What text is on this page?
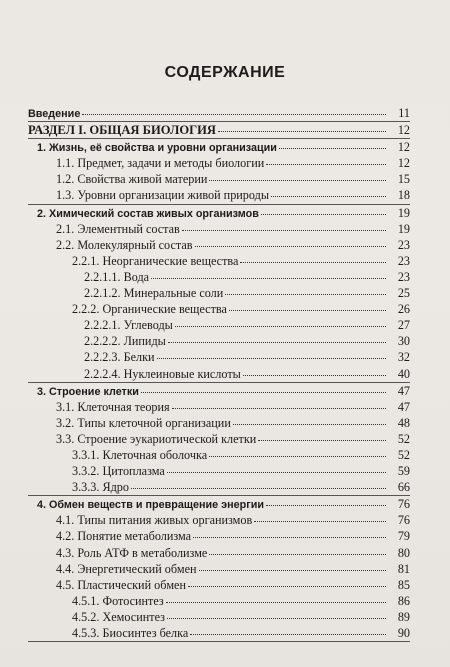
СОДЕРЖАНИЕ
Введение	11
РАЗДЕЛ I. ОБЩАЯ БИОЛОГИЯ	12
1. Жизнь, её свойства и уровни организации	12
1.1. Предмет, задачи и методы биологии	12
1.2. Свойства живой материи	15
1.3. Уровни организации живой природы	18
2. Химический состав живых организмов	19
2.1. Элементный состав	19
2.2. Молекулярный состав	23
2.2.1. Неорганические вещества	23
2.2.1.1. Вода	23
2.2.1.2. Минеральные соли	25
2.2.2. Органические вещества	26
2.2.2.1. Углеводы	27
2.2.2.2. Липиды	30
2.2.2.3. Белки	32
2.2.2.4. Нуклеиновые кислоты	40
3. Строение клетки	47
3.1. Клеточная теория	47
3.2. Типы клеточной организации	48
3.3. Строение эукариотической клетки	52
3.3.1. Клеточная оболочка	52
3.3.2. Цитоплазма	59
3.3.3. Ядро	66
4. Обмен веществ и превращение энергии	76
4.1. Типы питания живых организмов	76
4.2. Понятие метаболизма	79
4.3. Роль АТФ в метаболизме	80
4.4. Энергетический обмен	81
4.5. Пластический обмен	85
4.5.1. Фотосинтез	86
4.5.2. Хемосинтез	89
4.5.3. Биосинтез белка	90
